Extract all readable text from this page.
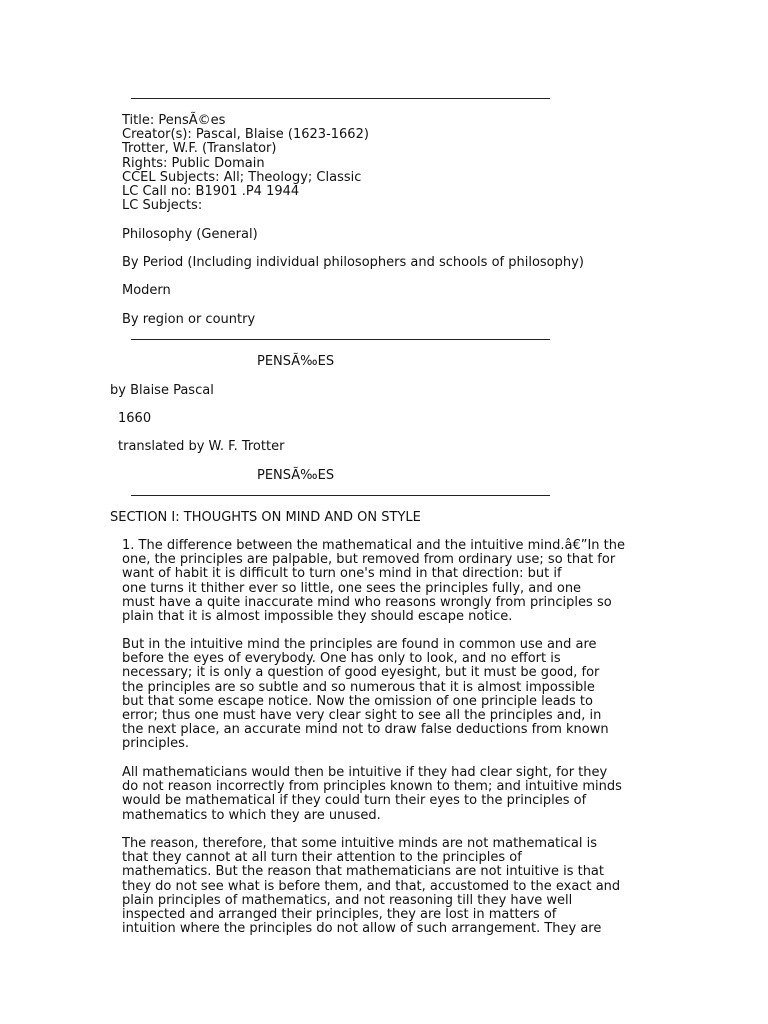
Title: PensÃ©es
Creator(s): Pascal, Blaise (1623-1662)
Trotter, W.F. (Translator)
Rights: Public Domain
CCEL Subjects: All; Theology; Classic
LC Call no: B1901 .P4 1944
LC Subjects:
Philosophy (General)
By Period (Including individual philosophers and schools of philosophy)
Modern
By region or country
PENSÃ‰ES
by Blaise Pascal
1660
translated by W. F. Trotter
PENSÃ‰ES
SECTION I: THOUGHTS ON MIND AND ON STYLE
1. The difference between the mathematical and the intuitive mind.â€”In the
one, the principles are palpable, but removed from ordinary use; so that for
want of habit it is difficult to turn one's mind in that direction: but if
one turns it thither ever so little, one sees the principles fully, and one
must have a quite inaccurate mind who reasons wrongly from principles so
plain that it is almost impossible they should escape notice.
But in the intuitive mind the principles are found in common use and are
before the eyes of everybody. One has only to look, and no effort is
necessary; it is only a question of good eyesight, but it must be good, for
the principles are so subtle and so numerous that it is almost impossible
but that some escape notice. Now the omission of one principle leads to
error; thus one must have very clear sight to see all the principles and, in
the next place, an accurate mind not to draw false deductions from known
principles.
All mathematicians would then be intuitive if they had clear sight, for they
do not reason incorrectly from principles known to them; and intuitive minds
would be mathematical if they could turn their eyes to the principles of
mathematics to which they are unused.
The reason, therefore, that some intuitive minds are not mathematical is
that they cannot at all turn their attention to the principles of
mathematics. But the reason that mathematicians are not intuitive is that
they do not see what is before them, and that, accustomed to the exact and
plain principles of mathematics, and not reasoning till they have well
inspected and arranged their principles, they are lost in matters of
intuition where the principles do not allow of such arrangement. They are
